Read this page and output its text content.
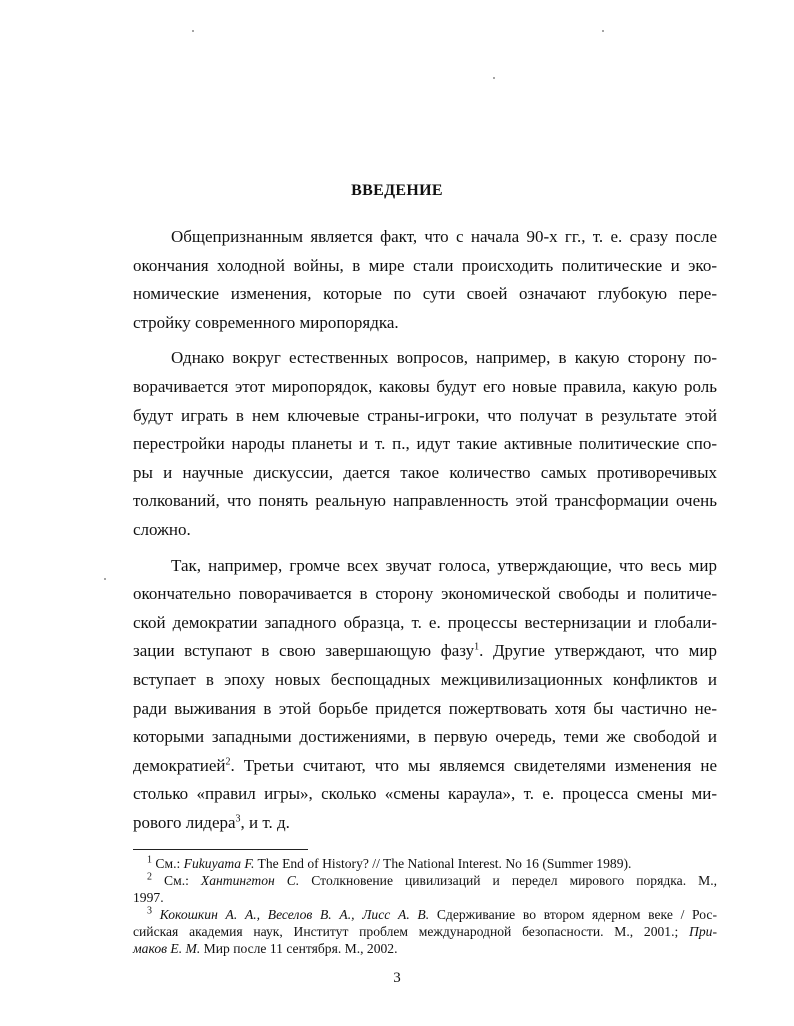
ВВЕДЕНИЕ

Общепризнанным является факт, что с начала 90-х гг., т. е. сразу после
окончания холодной войны, в мире стали происходить политические и эко-
номические изменения, которые по сути своей означают глубокую пере-
стройку современного миропорядка.

Однако вокруг естественных вопросов, например, в какую сторону по-
ворачивается этот миропорядок, каковы будут его новые правила, какую роль
будут играть в нем ключевые страны-игроки, что получат в результате этой
перестройки народы планеты и т. п., идут такие активные политические спо-
ры и научные дискуссии, дается такое количество самых противоречивых
толкований, что понять реальную направленность этой трансформации очень
сложно.

Так, например, громче всех звучат голоса, утверждающие, что весь мир
окончательно поворачивается в сторону экономической свободы и политиче-
ской демократии западного образца, т. е. процессы вестернизации и глобали-
зации вступают в свою завершающую фазу$^1$. Другие утверждают, что мир
вступает в эпоху новых беспощадных межцивилизационных конфликтов и
ради выживания в этой борьбе придется пожертвовать хотя бы частично не-
которыми западными достижениями, в первую очередь, теми же свободой и
демократией$^2$. Третьи считают, что мы являемся свидетелями изменения не
столько «правил игры», сколько «смены караула», т. е. процесса смены ми-
рового лидера$^3$, и т. д.

$^1$ См.: Fukuyama F. The End of History? // The National Interest. No 16 (Summer 1989).

$^2$ См.: Хантингтон С. Столкновение цивилизаций и передел мирового порядка. М.,
1997.

$^3$ Кокошкин А. А., Веселов В. А., Лисс А. В. Сдерживание во втором ядерном веке / Рос-
сийская академия наук, Институт проблем международной безопасности. М., 2001.; При-
маков Е. М. Мир после 11 сентября. М., 2002.

3
